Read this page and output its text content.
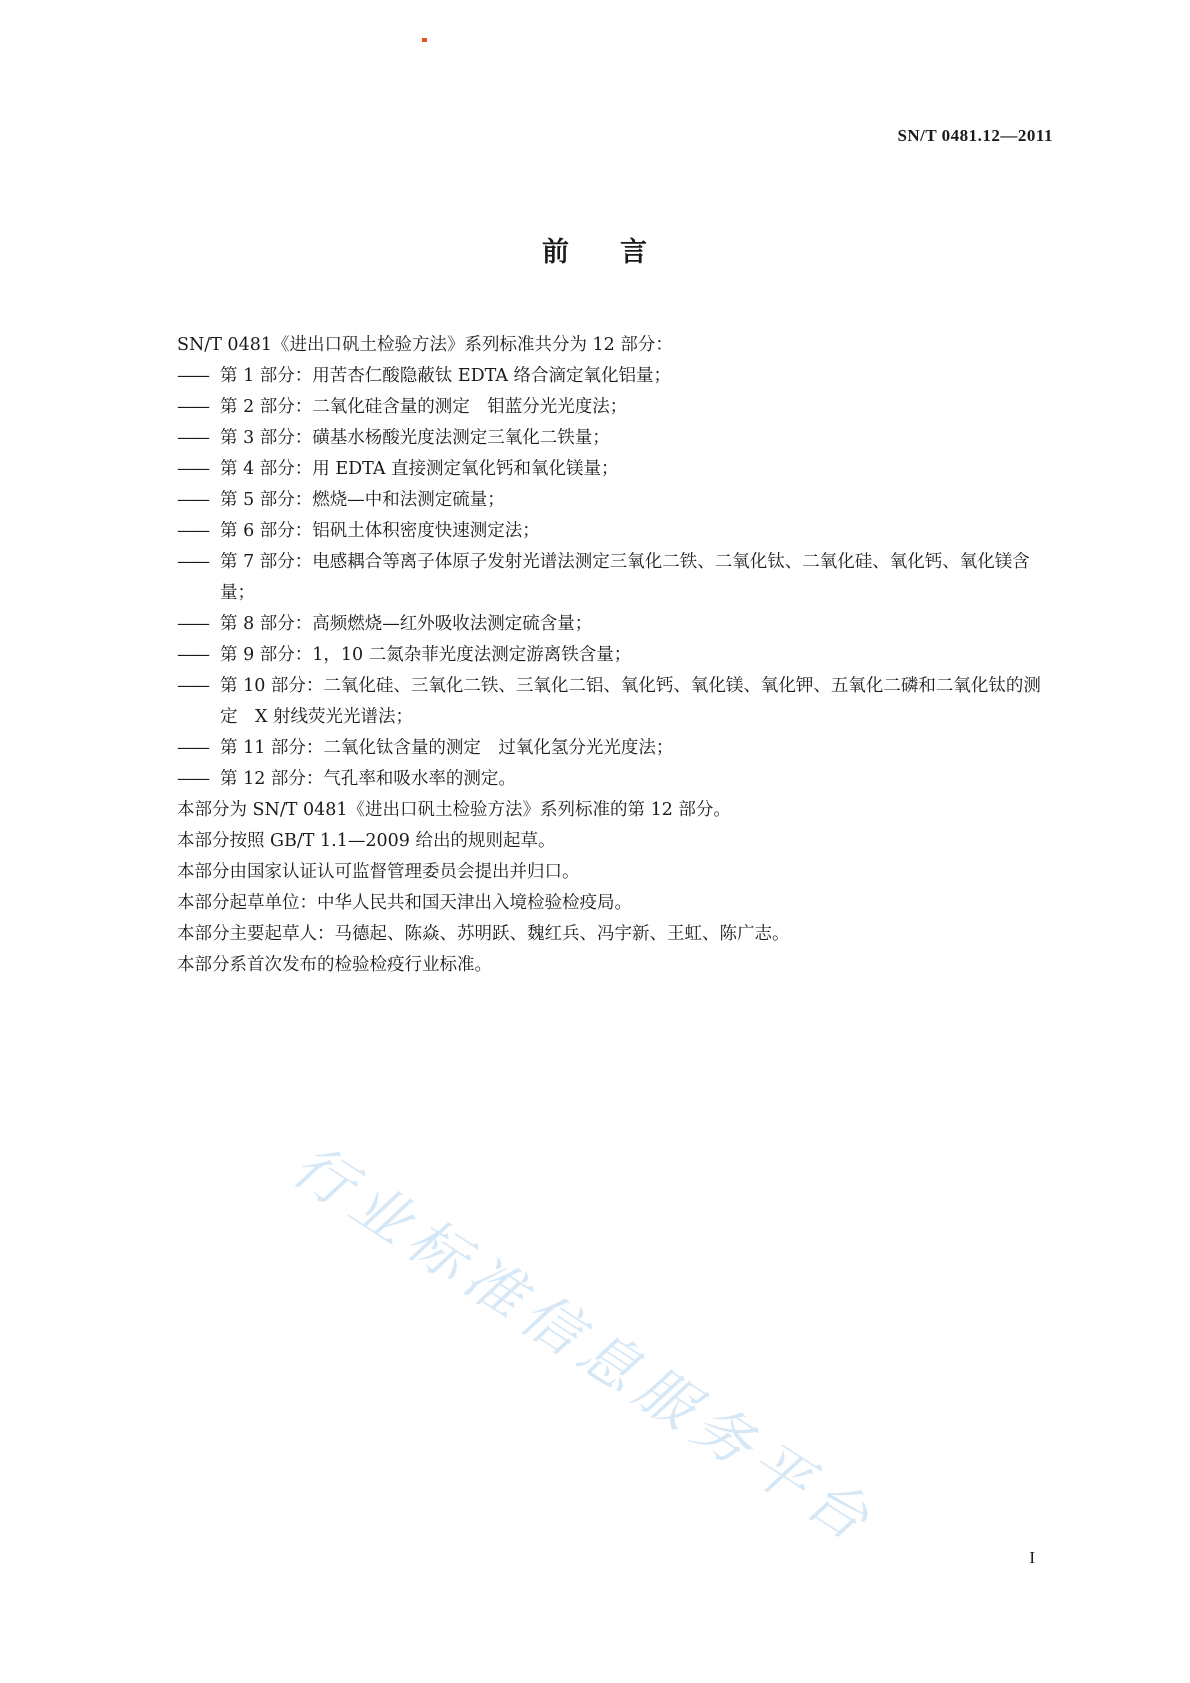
SN/T 0481.12—2011
前 言

SN/T 0481《进出口矾土检验方法》系列标准共分为 12 部分：

—— 第 1 部分：用苦杏仁酸隐蔽钛 EDTA 络合滴定氧化铝量；

—— 第 2 部分：二氧化硅含量的测定　钼蓝分光光度法；

—— 第 3 部分：磺基水杨酸光度法测定三氧化二铁量；

—— 第 4 部分：用 EDTA 直接测定氧化钙和氧化镁量；

—— 第 5 部分：燃烧—中和法测定硫量；

—— 第 6 部分：铝矾土体积密度快速测定法；

—— 第 7 部分：电感耦合等离子体原子发射光谱法测定三氧化二铁、二氧化钛、二氧化硅、氧化钙、氧化镁含量；

—— 第 8 部分：高频燃烧—红外吸收法测定硫含量；

—— 第 9 部分：1，10 二氮杂菲光度法测定游离铁含量；

—— 第 10 部分：二氧化硅、三氧化二铁、三氧化二铝、氧化钙、氧化镁、氧化钾、五氧化二磷和二氧化钛的测定　X 射线荧光光谱法；

—— 第 11 部分：二氧化钛含量的测定　过氧化氢分光光度法；

—— 第 12 部分：气孔率和吸水率的测定。

本部分为 SN/T 0481《进出口矾土检验方法》系列标准的第 12 部分。

本部分按照 GB/T 1.1—2009 给出的规则起草。

本部分由国家认证认可监督管理委员会提出并归口。

本部分起草单位：中华人民共和国天津出入境检验检疫局。

本部分主要起草人：马德起、陈焱、苏明跃、魏红兵、冯宇新、王虹、陈广志。

本部分系首次发布的检验检疫行业标准。

行业标准信息服务平台	I
